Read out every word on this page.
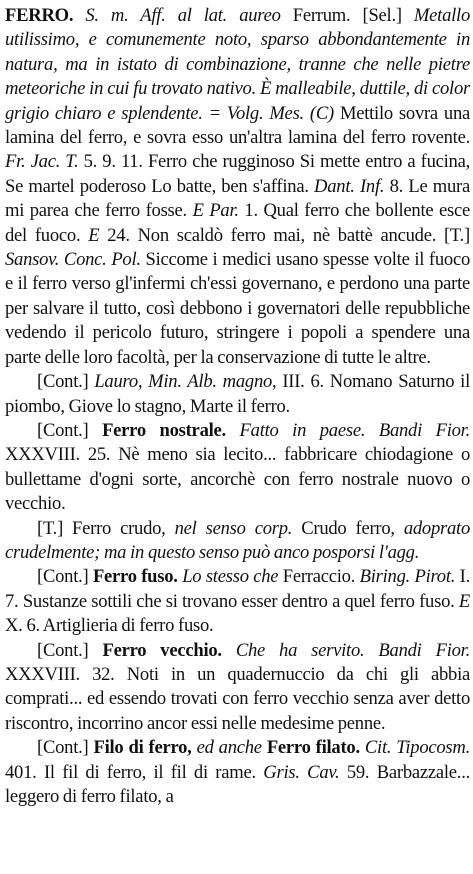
FERRO. S. m. Aff. al lat. aureo Ferrum. [Sel.] Metallo utilissimo, e comunemente noto, sparso abbondantemente in natura, ma in istato di combinazione, tranne che nelle pietre meteoriche in cui fu trovato nativo. È malleabile, duttile, di color grigio chiaro e splendente. = Volg. Mes. (C) Mettilo sovra una lamina del ferro, e sovra esso un'altra lamina del ferro rovente. Fr. Jac. T. 5. 9. 11. Ferro che rugginoso Si mette entro a fucina, Se martel poderoso Lo batte, ben s'affina. Dant. Inf. 8. Le mura mi parea che ferro fosse. E Par. 1. Qual ferro che bollente esce del fuoco. E 24. Non scaldò ferro mai, nè battè ancude. [T.] Sansov. Conc. Pol. Siccome i medici usano spesse volte il fuoco e il ferro verso gl'infermi ch'essi governano, e perdono una parte per salvare il tutto, così debbono i governatori delle repubbliche vedendo il pericolo futuro, stringere i popoli a spendere una parte delle loro facoltà, per la conservazione di tutte le altre.

[Cont.] Lauro, Min. Alb. magno, III. 6. Nomano Saturno il piombo, Giove lo stagno, Marte il ferro.

[Cont.] Ferro nostrale. Fatto in paese. Bandi Fior. XXXVIII. 25. Nè meno sia lecito... fabbricare chiodagione o bullettame d'ogni sorte, ancorchè con ferro nostrale nuovo o vecchio.

[T.] Ferro crudo, nel senso corp. Crudo ferro, adoprato crudelmente; ma in questo senso può anco posporsi l'agg.

[Cont.] Ferro fuso. Lo stesso che Ferraccio. Biring. Pirot. I. 7. Sustanze sottili che si trovano esser dentro a quel ferro fuso. E X. 6. Artiglieria di ferro fuso.

[Cont.] Ferro vecchio. Che ha servito. Bandi Fior. XXXVIII. 32. Noti in un quadernuccio da chi gli abbia comprati... ed essendo trovati con ferro vecchio senza aver detto riscontro, incorrino ancor essi nelle medesime penne.

[Cont.] Filo di ferro, ed anche Ferro filato. Cit. Tipocosm. 401. Il fil di ferro, il fil di rame. Gris. Cav. 59. Barbazzale... leggero di ferro filato, a
